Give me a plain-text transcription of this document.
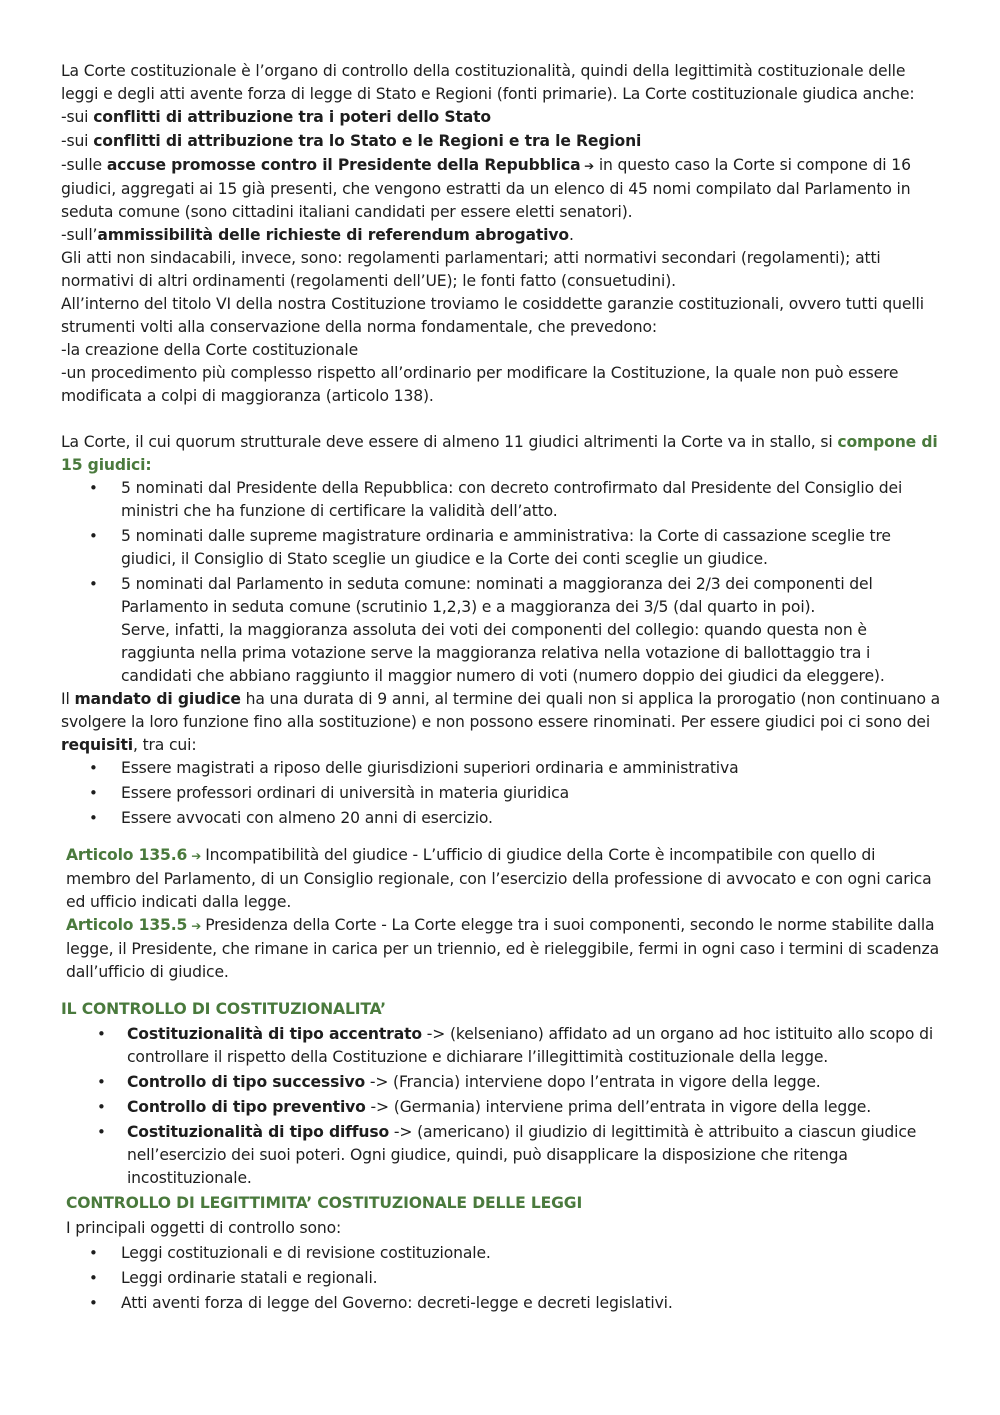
La Corte costituzionale è l’organo di controllo della costituzionalità, quindi della legittimità costituzionale delle leggi e degli atti avente forza di legge di Stato e Regioni (fonti primarie). La Corte costituzionale giudica anche:

-sui conflitti di attribuzione tra i poteri dello Stato

-sui conflitti di attribuzione tra lo Stato e le Regioni e tra le Regioni

-sulle accuse promosse contro il Presidente della Repubblica ➔ in questo caso la Corte si compone di 16 giudici, aggregati ai 15 già presenti, che vengono estratti da un elenco di 45 nomi compilato dal Parlamento in seduta comune (sono cittadini italiani candidati per essere eletti senatori).

-sull’ammissibilità delle richieste di referendum abrogativo.

Gli atti non sindacabili, invece, sono: regolamenti parlamentari; atti normativi secondari (regolamenti); atti normativi di altri ordinamenti (regolamenti dell’UE); le fonti fatto (consuetudini).

All’interno del titolo VI della nostra Costituzione troviamo le cosiddette garanzie costituzionali, ovvero tutti quelli strumenti volti alla conservazione della norma fondamentale, che prevedono:

-la creazione della Corte costituzionale

-un procedimento più complesso rispetto all’ordinario per modificare la Costituzione, la quale non può essere modificata a colpi di maggioranza (articolo 138).

La Corte, il cui quorum strutturale deve essere di almeno 11 giudici altrimenti la Corte va in stallo, si compone di 15 giudici:

• 5 nominati dal Presidente della Repubblica: con decreto controfirmato dal Presidente del Consiglio dei ministri che ha funzione di certificare la validità dell’atto.
• 5 nominati dalle supreme magistrature ordinaria e amministrativa: la Corte di cassazione sceglie tre giudici, il Consiglio di Stato sceglie un giudice e la Corte dei conti sceglie un giudice.
• 5 nominati dal Parlamento in seduta comune: nominati a maggioranza dei 2/3 dei componenti del Parlamento in seduta comune (scrutinio 1,2,3) e a maggioranza dei 3/5 (dal quarto in poi).
Serve, infatti, la maggioranza assoluta dei voti dei componenti del collegio: quando questa non è raggiunta nella prima votazione serve la maggioranza relativa nella votazione di ballottaggio tra i candidati che abbiano raggiunto il maggior numero di voti (numero doppio dei giudici da eleggere).

Il mandato di giudice ha una durata di 9 anni, al termine dei quali non si applica la prorogatio (non continuano a svolgere la loro funzione fino alla sostituzione) e non possono essere rinominati. Per essere giudici poi ci sono dei requisiti, tra cui:

• Essere magistrati a riposo delle giurisdizioni superiori ordinaria e amministrativa
• Essere professori ordinari di università in materia giuridica
• Essere avvocati con almeno 20 anni di esercizio.

Articolo 135.6 ➔ Incompatibilità del giudice - L’ufficio di giudice della Corte è incompatibile con quello di membro del Parlamento, di un Consiglio regionale, con l’esercizio della professione di avvocato e con ogni carica ed ufficio indicati dalla legge.

Articolo 135.5 ➔ Presidenza della Corte - La Corte elegge tra i suoi componenti, secondo le norme stabilite dalla legge, il Presidente, che rimane in carica per un triennio, ed è rieleggibile, fermi in ogni caso i termini di scadenza dall’ufficio di giudice.

IL CONTROLLO DI COSTITUZIONALITA’

• Costituzionalità di tipo accentrato -> (kelseniano) affidato ad un organo ad hoc istituito allo scopo di controllare il rispetto della Costituzione e dichiarare l’illegittimità costituzionale della legge.
• Controllo di tipo successivo -> (Francia) interviene dopo l’entrata in vigore della legge.
• Controllo di tipo preventivo -> (Germania) interviene prima dell’entrata in vigore della legge.
• Costituzionalità di tipo diffuso -> (americano) il giudizio di legittimità è attribuito a ciascun giudice nell’esercizio dei suoi poteri. Ogni giudice, quindi, può disapplicare la disposizione che ritenga incostituzionale.

CONTROLLO DI LEGITTIMITA’ COSTITUZIONALE DELLE LEGGI

I principali oggetti di controllo sono:

• Leggi costituzionali e di revisione costituzionale.
• Leggi ordinarie statali e regionali.
• Atti aventi forza di legge del Governo: decreti-legge e decreti legislativi.
